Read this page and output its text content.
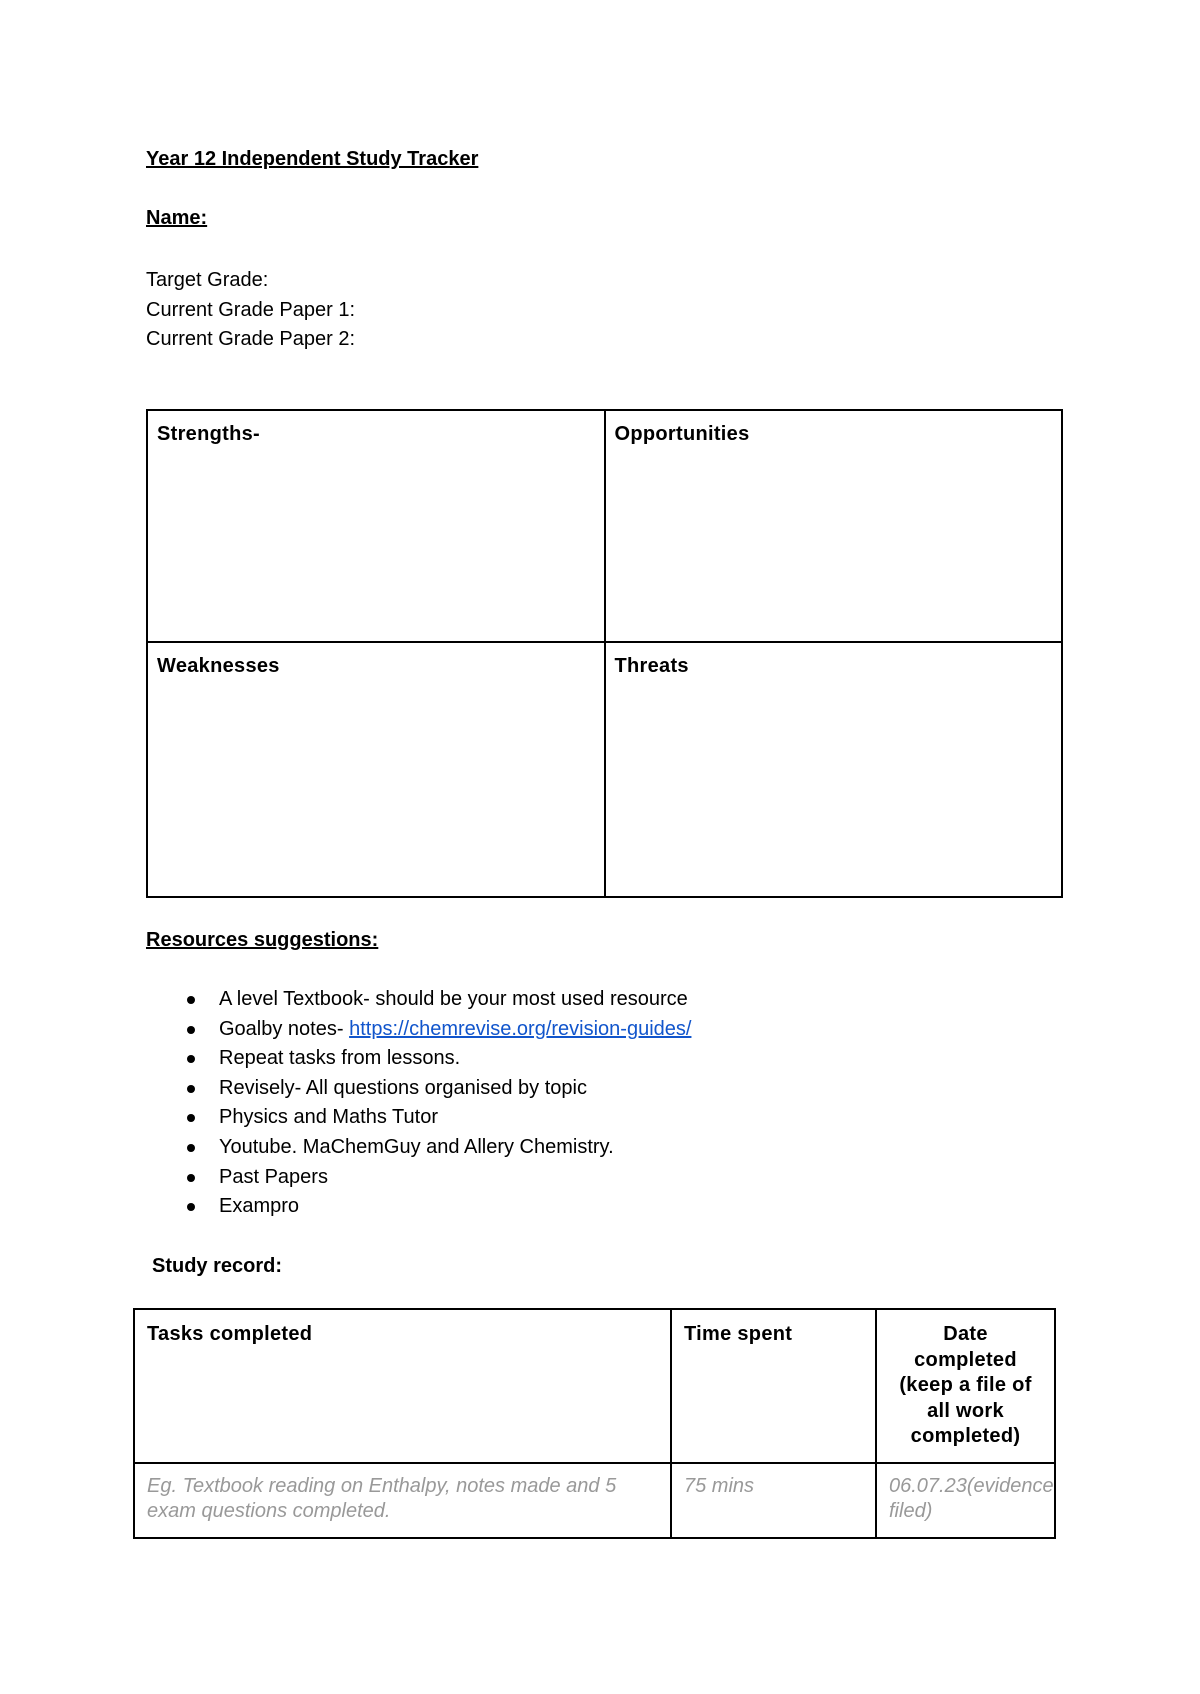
Year 12 Independent Study Tracker
Name:
Target Grade:
Current Grade Paper 1:
Current Grade Paper 2:
Strengths-	Opportunities
Weaknesses	Threats
Resources suggestions:
A level Textbook- should be your most used resource
Goalby notes- https://chemrevise.org/revision-guides/
Repeat tasks from lessons.
Revisely- All questions organised by topic
Physics and Maths Tutor
Youtube. MaChemGuy and Allery Chemistry.
Past Papers
Exampro
Study record:
Tasks completed	Time spent	Date completed (keep a file of all work completed)
Eg. Textbook reading on Enthalpy, notes made and 5 exam questions completed.	75 mins	06.07.23(evidence filed)
